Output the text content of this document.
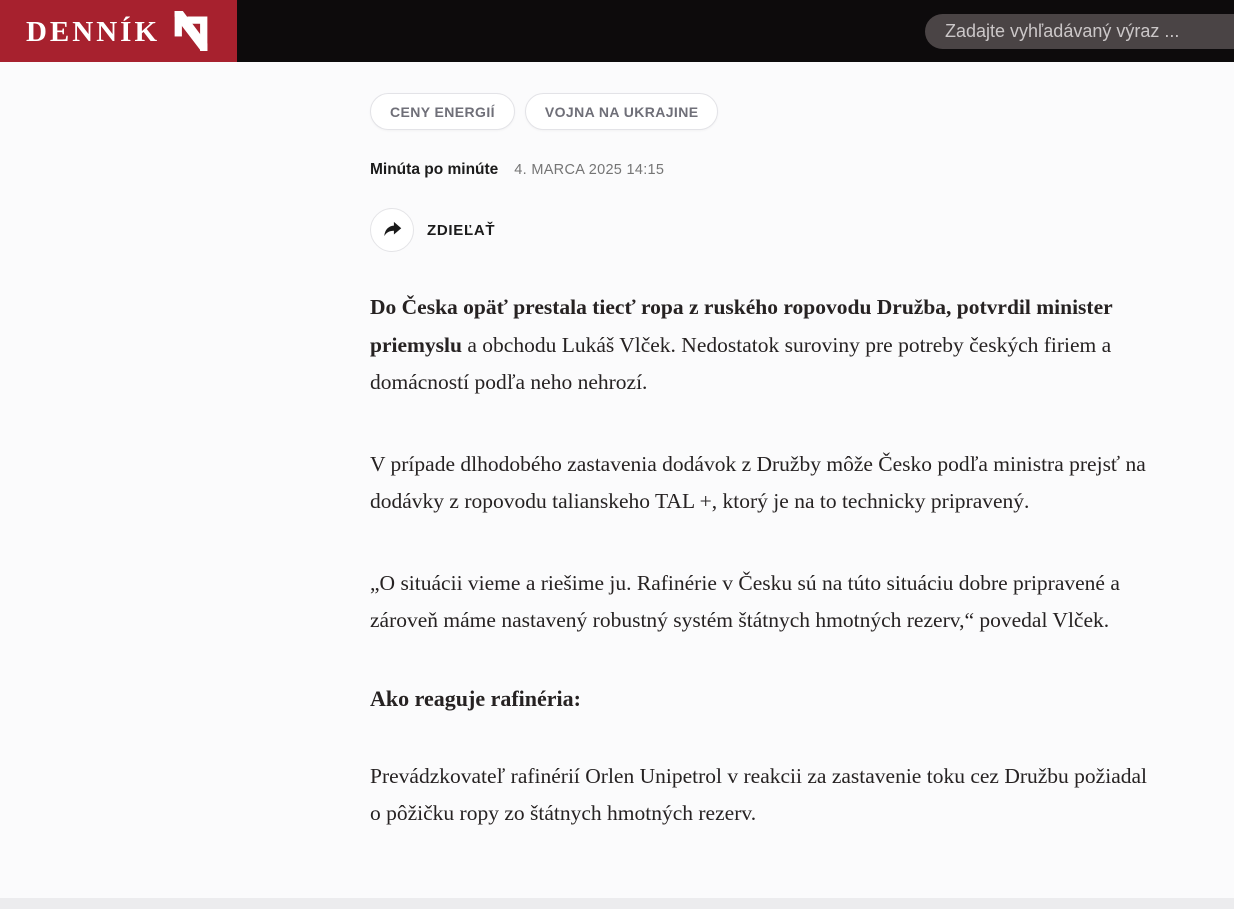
DENNÍK
Zadajte vyhľadávaný výraz ...
CENY ENERGIÍ	VOJNA NA UKRAJINE
Minúta po minúte 4. MARCA 2025 14:15
ZDIEĽAŤ

Do Česka opäť prestala tiecť ropa z ruského ropovodu Družba, potvrdil minister priemyslu a obchodu Lukáš Vlček. Nedostatok suroviny pre potreby českých firiem a domácností podľa neho nehrozí.

V prípade dlhodobého zastavenia dodávok z Družby môže Česko podľa ministra prejsť na dodávky z ropovodu talianskeho TAL +, ktorý je na to technicky pripravený.

„O situácii vieme a riešime ju. Rafinérie v Česku sú na túto situáciu dobre pripravené a zároveň máme nastavený robustný systém štátnych hmotných rezerv,“ povedal Vlček.

Ako reaguje rafinéria:

Prevádzkovateľ rafinérií Orlen Unipetrol v reakcii za zastavenie toku cez Družbu požiadal o pôžičku ropy zo štátnych hmotných rezerv.
